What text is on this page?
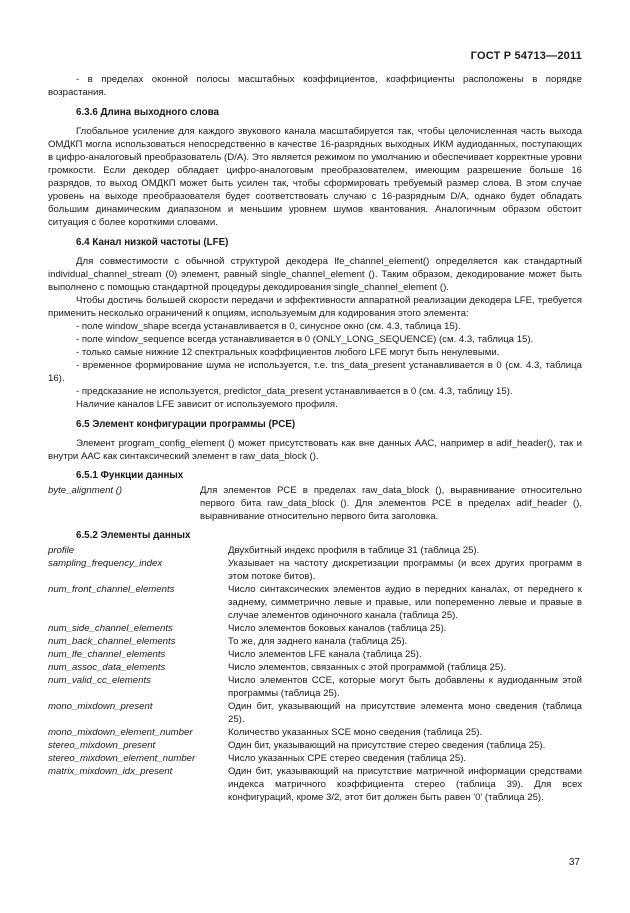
ГОСТ Р 54713—2011

- в пределах оконной полосы масштабных коэффициентов, коэффициенты расположены в порядке возрастания.

6.3.6 Длина выходного слова

Глобальное усиление для каждого звукового канала масштабируется так, чтобы целочисленная часть выхода ОМДКП могла использоваться непосредственно в качестве 16-разрядных выходных ИКМ аудиоданных, поступающих в цифро-аналоговый преобразователь (D/A). Это является режимом по умолчанию и обеспечивает корректные уровни громкости. Если декодер обладает цифро-аналоговым преобразователем, имеющим разрешение больше 16 разрядов, то выход ОМДКП может быть усилен так, чтобы сформировать требуемый размер слова. В этом случае уровень на выходе преобразователя будет соответствовать случаю с 16-разрядным D/A, однако будет обладать большим динамическим диапазоном и меньшим уровнем шумов квантования. Аналогичным образом обстоит ситуация с более короткими словами.

6.4 Канал низкой частоты (LFE)

Для совместимости с обычной структурой декодера lfe_channel_element() определяется как стандартный individual_channel_stream (0) элемент, равный single_channel_element (). Таким образом, декодирование может быть выполнено с помощью стандартной процедуры декодирования single_channel_element ().

Чтобы достичь большей скорости передачи и эффективности аппаратной реализации декодера LFE, требуется применить несколько ограничений к опциям, используемым для кодирования этого элемента:

- поле window_shape всегда устанавливается в 0, синусное окно (см. 4.3, таблица 15).

- поле window_sequence всегда устанавливается в 0 (ONLY_LONG_SEQUENCE) (см. 4.3, таблица 15).

- только самые нижние 12 спектральных коэффициентов любого LFE могут быть ненулевыми.

- временное формирование шума не используется, т.е. tns_data_present устанавливается в 0 (см. 4.3, таблица 16).

- предсказание не используется, predictor_data_present устанавливается в 0 (см. 4.3, таблицу 15).

Наличие каналов LFE зависит от используемого профиля.

6.5 Элемент конфигурации программы (PCE)

Элемент program_config_element () может присутствовать как вне данных ААС, например в adif_header(), так и внутри ААС как синтаксический элемент в raw_data_block ().

6.5.1 Функции данных
byte_alignment ()	Для элементов РСЕ в пределах raw_data_block (), выравнивание относительно первого бита raw_data_block (). Для элементов РСЕ в пределах adif_header (), выравнивание относительно первого бита заголовка.
6.5.2 Элементы данных
profile	Двухбитный индекс профиля в таблице 31 (таблица 25).
sampling_frequency_index	Указывает на частоту дискретизации программы (и всех других программ в этом потоке битов).
num_front_channel_elements	Число синтаксических элементов аудио в передних каналах, от переднего к заднему, симметрично левые и правые, или попеременно левые и правые в случае элементов одиночного канала (таблица 25).
num_side_channel_elements	Число элементов боковых каналов (таблица 25).
num_back_channel_elements	То же, для заднего канала (таблица 25).
num_lfe_channel_elements	Число элементов LFE канала (таблица 25).
num_assoc_data_elements	Число элементов, связанных с этой программой (таблица 25).
num_valid_cc_elements	Число элементов CCE, которые могут быть добавлены к аудиоданным этой программы (таблица 25).
mono_mixdown_present	Один бит, указывающий на присутствие элемента моно сведения (таблица 25).
mono_mixdown_element_number	Количество указанных SCE моно сведения (таблица 25).
stereo_mixdown_present	Один бит, указывающий на присутствие стерео сведения (таблица 25).
stereo_mixdown_element_number	Число указанных CPE стерео сведения (таблица 25).
matrix_mixdown_idx_present	Один бит, указывающий на присутствие матричной информации средствами индекса матричного коэффициента стерео (таблица 39). Для всех конфигураций, кроме 3/2, этот бит должен быть равен '0' (таблица 25).
37
